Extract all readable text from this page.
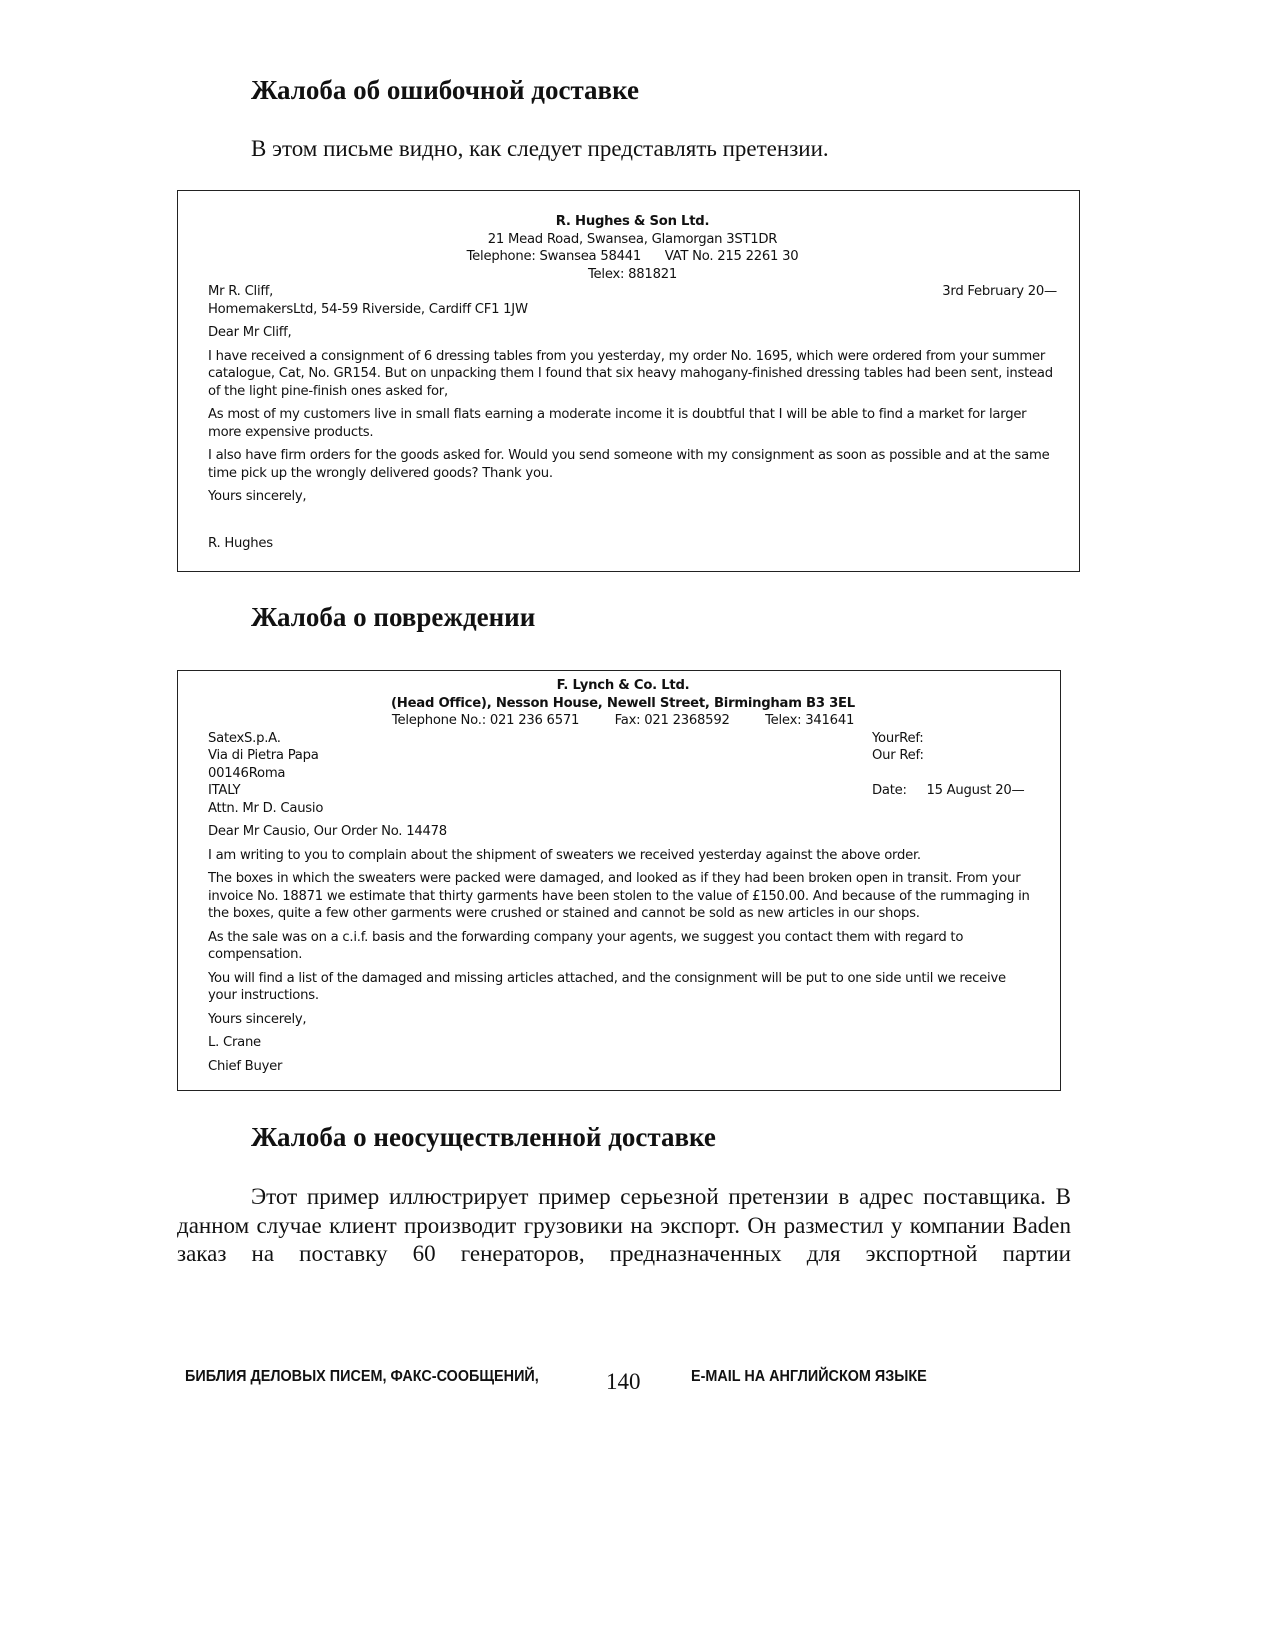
Жалоба об ошибочной доставке
В этом письме видно, как следует представлять претензии.
R. Hughes & Son Ltd.
21 Mead Road, Swansea, Glamorgan 3ST1DR
Telephone: Swansea 58441 VAT No. 215 2261 30
Telex: 881821
Mr R. Cliff,	3rd February 20—

HomemakersLtd, 54-59 Riverside, Cardiff CF1 1JW

Dear Mr Cliff,

I have received a consignment of 6 dressing tables from you yesterday, my order No. 1695, which were ordered from your summer catalogue, Cat, No. GR154. But on unpacking them I found that six heavy mahogany-finished dressing tables had been sent, instead of the light pine-finish ones asked for,

As most of my customers live in small flats earning a moderate income it is doubtful that I will be able to find a market for larger more expensive products.

I also have firm orders for the goods asked for. Would you send someone with my consignment as soon as possible and at the same time pick up the wrongly delivered goods? Thank you.

Yours sincerely,

R. Hughes

Жалоба о повреждении
F. Lynch & Co. Ltd.
(Head Office), Nesson House, Newell Street, Birmingham B3 3EL
Telephone No.: 021 236 6571	Fax: 021 2368592	Telex: 341641
SatexS.p.A.
Via di Pietra Papa
00146Roma
ITALY
Attn. Mr D. Causio
YourRef:
Our Ref:

Date: 15 August 20—

Dear Mr Causio, Our Order No. 14478

I am writing to you to complain about the shipment of sweaters we received yesterday against the above order.

The boxes in which the sweaters were packed were damaged, and looked as if they had been broken open in transit. From your invoice No. 18871 we estimate that thirty garments have been stolen to the value of £150.00. And because of the rummaging in the boxes, quite a few other garments were crushed or stained and cannot be sold as new articles in our shops.

As the sale was on a c.i.f. basis and the forwarding company your agents, we suggest you contact them with regard to compensation.

You will find a list of the damaged and missing articles attached, and the consignment will be put to one side until we receive your instructions.

Yours sincerely,

L. Crane

Chief Buyer

Жалоба о неосуществленной доставке
Этот пример иллюстрирует пример серьезной претензии в адрес поставщика. В данном случае клиент производит грузовики на экспорт. Он разместил у компании Baden заказ на поставку 60 генераторов, предназначенных для экспортной партии
БИБЛИЯ ДЕЛОВЫХ ПИСЕМ, ФАКС-СООБЩЕНИЙ,	140	E-MAIL НА АНГЛИЙСКОМ ЯЗЫКЕ
